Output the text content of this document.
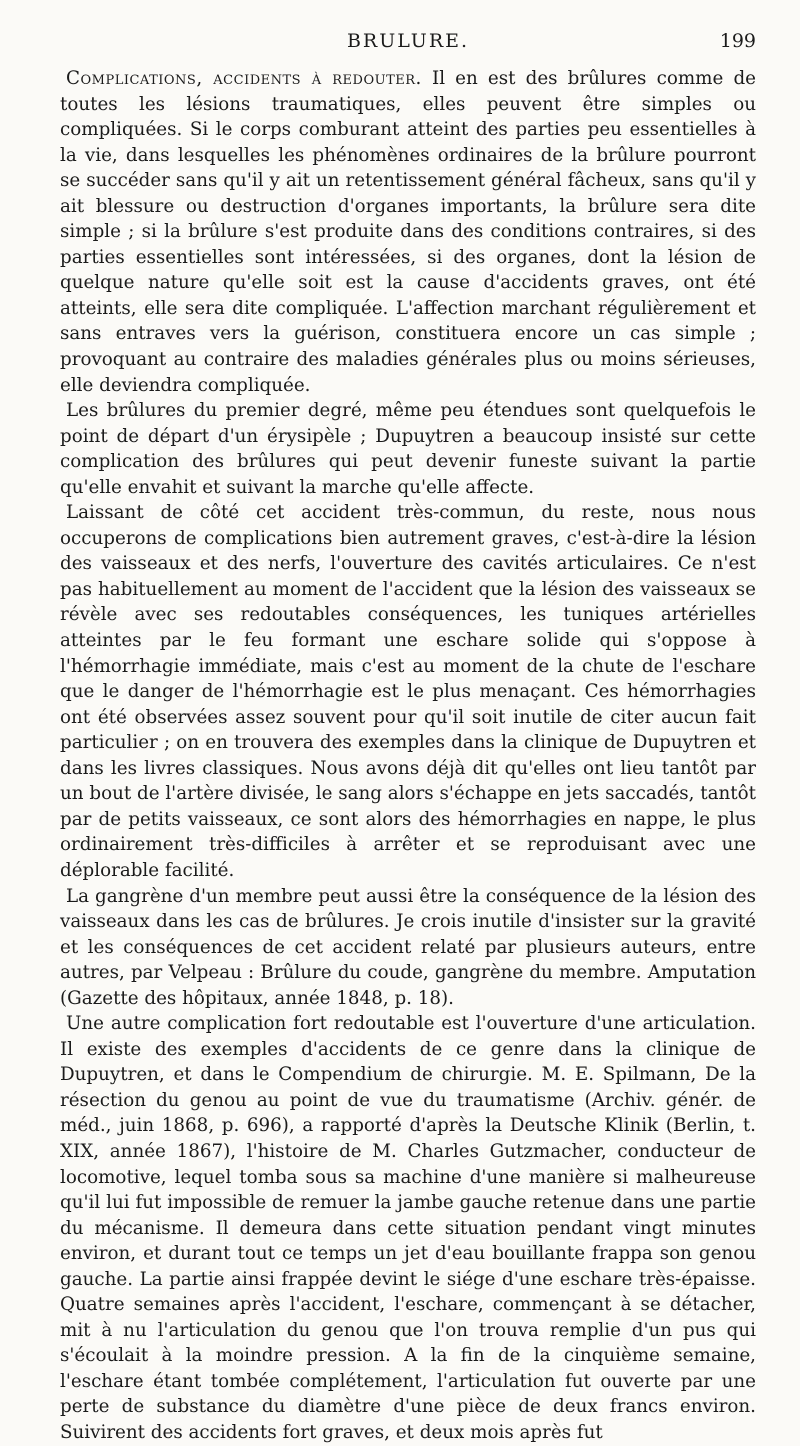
BRULURE.	199

Complications, accidents à redouter. Il en est des brûlures comme de toutes les lésions traumatiques, elles peuvent être simples ou compliquées. Si le corps comburant atteint des parties peu essentielles à la vie, dans lesquelles les phénomènes ordinaires de la brûlure pourront se succéder sans qu'il y ait un retentissement général fâcheux, sans qu'il y ait blessure ou destruction d'organes importants, la brûlure sera dite simple ; si la brûlure s'est produite dans des conditions contraires, si des parties essentielles sont intéressées, si des organes, dont la lésion de quelque nature qu'elle soit est la cause d'accidents graves, ont été atteints, elle sera dite compliquée. L'affection marchant régulièrement et sans entraves vers la guérison, constituera encore un cas simple ; provoquant au contraire des maladies générales plus ou moins sérieuses, elle deviendra compliquée.

Les brûlures du premier degré, même peu étendues sont quelquefois le point de départ d'un érysipèle ; Dupuytren a beaucoup insisté sur cette complication des brûlures qui peut devenir funeste suivant la partie qu'elle envahit et suivant la marche qu'elle affecte.

Laissant de côté cet accident très-commun, du reste, nous nous occuperons de complications bien autrement graves, c'est-à-dire la lésion des vaisseaux et des nerfs, l'ouverture des cavités articulaires. Ce n'est pas habituellement au moment de l'accident que la lésion des vaisseaux se révèle avec ses redoutables conséquences, les tuniques artérielles atteintes par le feu formant une eschare solide qui s'oppose à l'hémorrhagie immédiate, mais c'est au moment de la chute de l'eschare que le danger de l'hémorrhagie est le plus menaçant. Ces hémorrhagies ont été observées assez souvent pour qu'il soit inutile de citer aucun fait particulier ; on en trouvera des exemples dans la clinique de Dupuytren et dans les livres classiques. Nous avons déjà dit qu'elles ont lieu tantôt par un bout de l'artère divisée, le sang alors s'échappe en jets saccadés, tantôt par de petits vaisseaux, ce sont alors des hémorrhagies en nappe, le plus ordinairement très-difficiles à arrêter et se reproduisant avec une déplorable facilité.

La gangrène d'un membre peut aussi être la conséquence de la lésion des vaisseaux dans les cas de brûlures. Je crois inutile d'insister sur la gravité et les conséquences de cet accident relaté par plusieurs auteurs, entre autres, par Velpeau : Brûlure du coude, gangrène du membre. Amputation (Gazette des hôpitaux, année 1848, p. 18).

Une autre complication fort redoutable est l'ouverture d'une articulation. Il existe des exemples d'accidents de ce genre dans la clinique de Dupuytren, et dans le Compendium de chirurgie. M. E. Spilmann, De la résection du genou au point de vue du traumatisme (Archiv. génér. de méd., juin 1868, p. 696), a rapporté d'après la Deutsche Klinik (Berlin, t. XIX, année 1867), l'histoire de M. Charles Gutzmacher, conducteur de locomotive, lequel tomba sous sa machine d'une manière si malheureuse qu'il lui fut impossible de remuer la jambe gauche retenue dans une partie du mécanisme. Il demeura dans cette situation pendant vingt minutes environ, et durant tout ce temps un jet d'eau bouillante frappa son genou gauche. La partie ainsi frappée devint le siége d'une eschare très-épaisse. Quatre semaines après l'accident, l'eschare, commençant à se détacher, mit à nu l'articulation du genou que l'on trouva remplie d'un pus qui s'écoulait à la moindre pression. A la fin de la cinquième semaine, l'eschare étant tombée complétement, l'articulation fut ouverte par une perte de substance du diamètre d'une pièce de deux francs environ. Suivirent des accidents fort graves, et deux mois après fut
